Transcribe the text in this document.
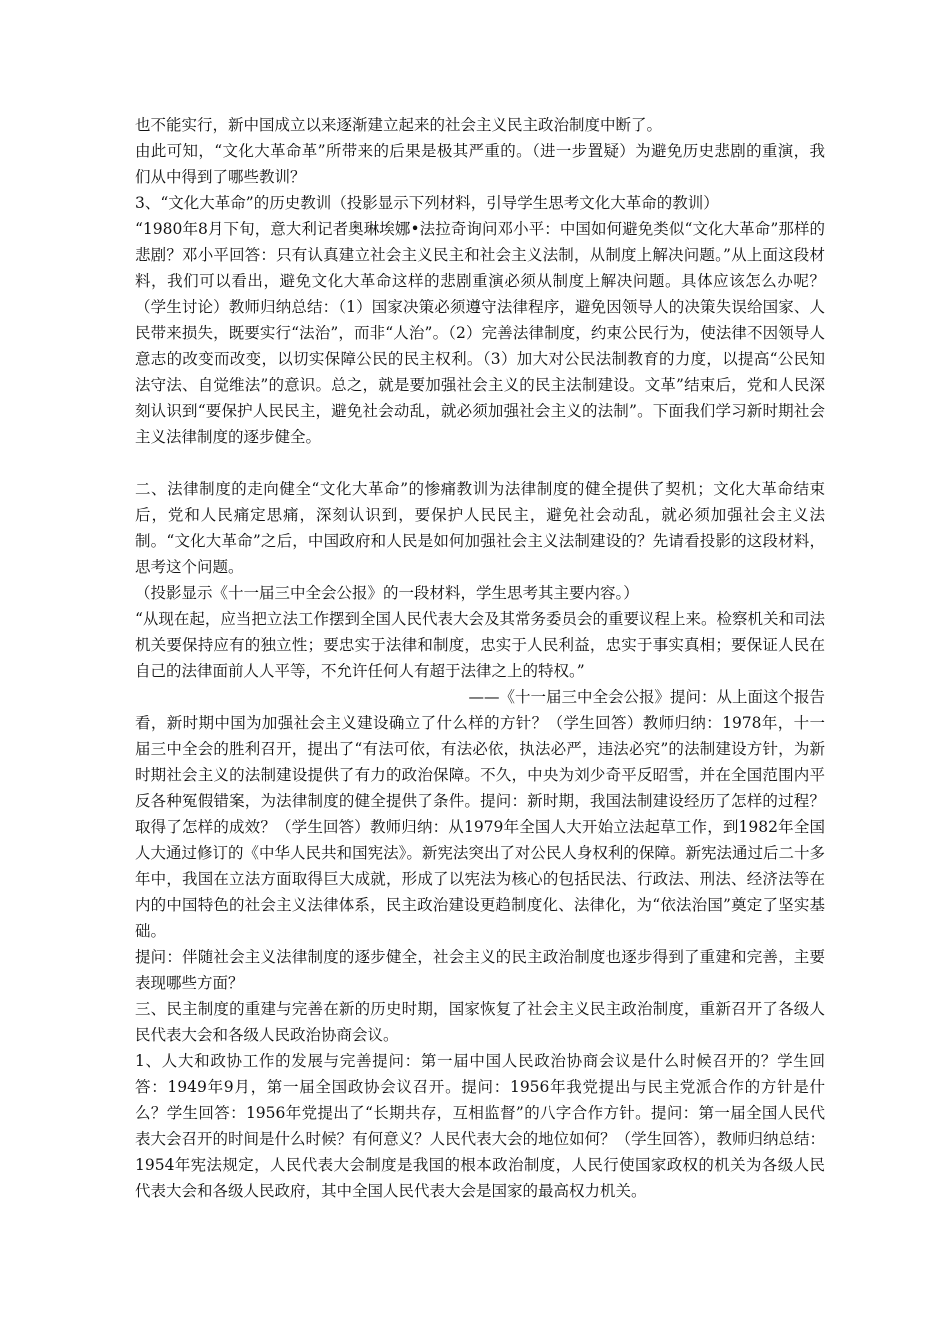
也不能实行，新中国成立以来逐渐建立起来的社会主义民主政治制度中断了。

由此可知，“文化大革命革”所带来的后果是极其严重的。（进一步置疑）为避免历史悲剧的重演，我们从中得到了哪些教训？

3、“文化大革命”的历史教训（投影显示下列材料，引导学生思考文化大革命的教训）

“1980年8月下旬，意大利记者奥琳埃娜•法拉奇询问邓小平：中国如何避免类似“文化大革命”那样的悲剧？邓小平回答：只有认真建立社会主义民主和社会主义法制，从制度上解决问题。”从上面这段材料，我们可以看出，避免文化大革命这样的悲剧重演必须从制度上解决问题。具体应该怎么办呢？（学生讨论）教师归纳总结：（1）国家决策必须遵守法律程序，避免因领导人的决策失误给国家、人民带来损失，既要实行“法治”，而非“人治”。（2）完善法律制度，约束公民行为，使法律不因领导人意志的改变而改变，以切实保障公民的民主权利。（3）加大对公民法制教育的力度，以提高“公民知法守法、自觉维法”的意识。总之，就是要加强社会主义的民主法制建设。文革”结束后，党和人民深刻认识到“要保护人民民主，避免社会动乱，就必须加强社会主义的法制”。下面我们学习新时期社会主义法律制度的逐步健全。

二、法律制度的走向健全“文化大革命”的惨痛教训为法律制度的健全提供了契机；文化大革命结束后，党和人民痛定思痛，深刻认识到，要保护人民民主，避免社会动乱，就必须加强社会主义法制。“文化大革命”之后，中国政府和人民是如何加强社会主义法制建设的？先请看投影的这段材料，思考这个问题。

（投影显示《十一届三中全会公报》的一段材料，学生思考其主要内容。）

“从现在起，应当把立法工作摆到全国人民代表大会及其常务委员会的重要议程上来。检察机关和司法机关要保持应有的独立性；要忠实于法律和制度，忠实于人民利益，忠实于事实真相；要保证人民在自己的法律面前人人平等，不允许任何人有超于法律之上的特权。”

——《十一届三中全会公报》提问：从上面这个报告

看，新时期中国为加强社会主义建设确立了什么样的方针？（学生回答）教师归纳：1978年，十一届三中全会的胜利召开，提出了“有法可依，有法必依，执法必严，违法必究”的法制建设方针，为新时期社会主义的法制建设提供了有力的政治保障。不久，中央为刘少奇平反昭雪，并在全国范围内平反各种冤假错案，为法律制度的健全提供了条件。提问：新时期，我国法制建设经历了怎样的过程？取得了怎样的成效？（学生回答）教师归纳：从1979年全国人大开始立法起草工作，到1982年全国人大通过修订的《中华人民共和国宪法》。新宪法突出了对公民人身权利的保障。新宪法通过后二十多年中，我国在立法方面取得巨大成就，形成了以宪法为核心的包括民法、行政法、刑法、经济法等在内的中国特色的社会主义法律体系，民主政治建设更趋制度化、法律化，为“依法治国”奠定了坚实基础。

提问：伴随社会主义法律制度的逐步健全，社会主义的民主政治制度也逐步得到了重建和完善，主要表现哪些方面？

三、民主制度的重建与完善在新的历史时期，国家恢复了社会主义民主政治制度，重新召开了各级人民代表大会和各级人民政治协商会议。

1、人大和政协工作的发展与完善提问：第一届中国人民政治协商会议是什么时候召开的？学生回答：1949年9月，第一届全国政协会议召开。提问：1956年我党提出与民主党派合作的方针是什么？学生回答：1956年党提出了“长期共存，互相监督”的八字合作方针。提问：第一届全国人民代表大会召开的时间是什么时候？有何意义？人民代表大会的地位如何？（学生回答），教师归纳总结：1954年宪法规定，人民代表大会制度是我国的根本政治制度，人民行使国家政权的机关为各级人民代表大会和各级人民政府，其中全国人民代表大会是国家的最高权力机关。
